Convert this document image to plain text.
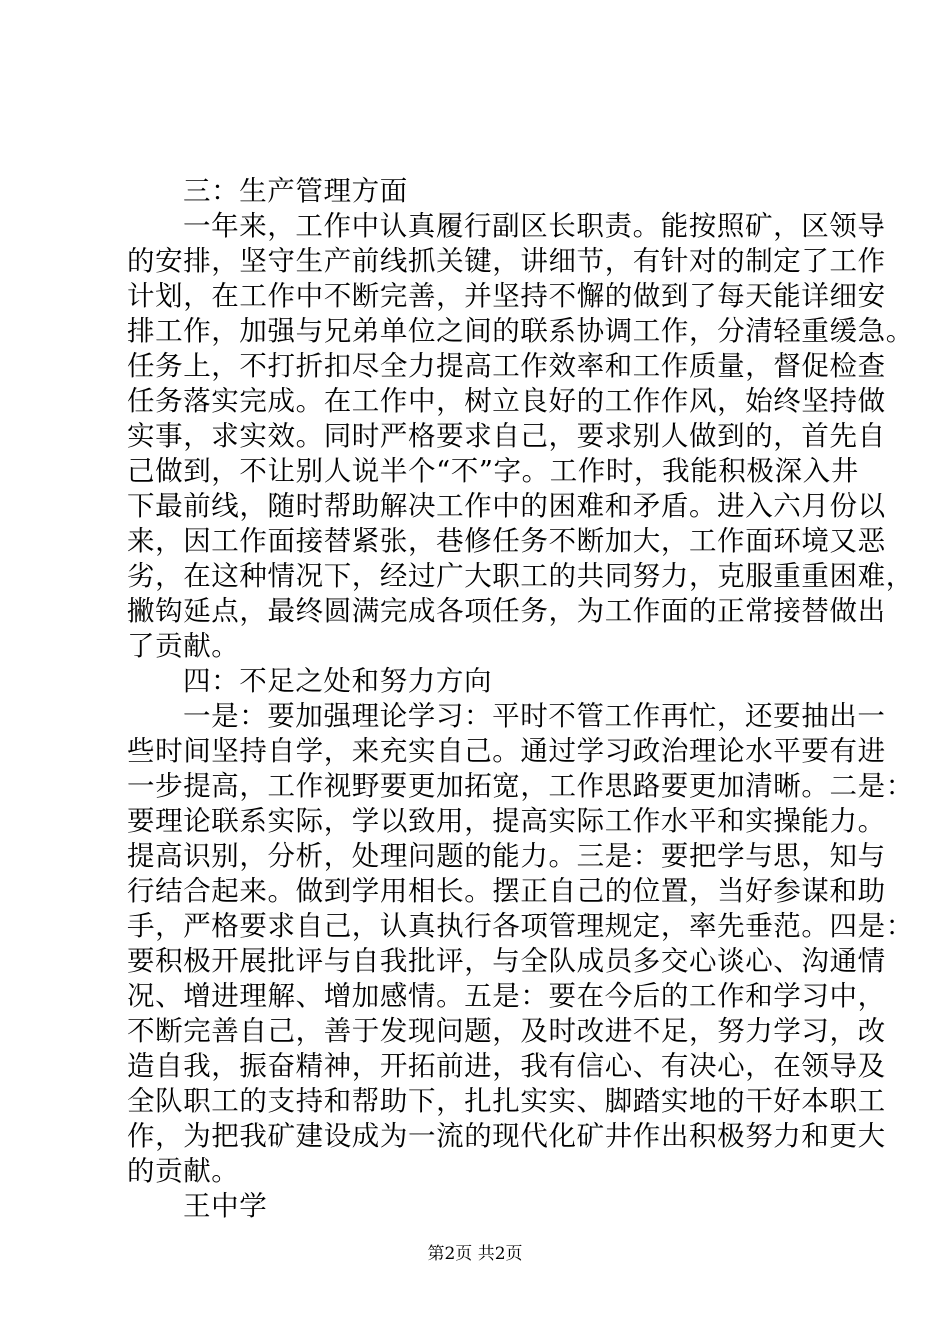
三：生产管理方面
一年来，工作中认真履行副区长职责。能按照矿，区领导
的安排，坚守生产前线抓关键，讲细节，有针对的制定了工作
计划，在工作中不断完善，并坚持不懈的做到了每天能详细安
排工作，加强与兄弟单位之间的联系协调工作，分清轻重缓急。
任务上，不打折扣尽全力提高工作效率和工作质量，督促检查
任务落实完成。在工作中，树立良好的工作作风，始终坚持做
实事，求实效。同时严格要求自己，要求别人做到的，首先自
己做到，不让别人说半个“不”字。工作时，我能积极深入井
下最前线，随时帮助解决工作中的困难和矛盾。进入六月份以
来，因工作面接替紧张，巷修任务不断加大，工作面环境又恶
劣，在这种情况下，经过广大职工的共同努力，克服重重困难，
撇钩延点，最终圆满完成各项任务，为工作面的正常接替做出
了贡献。
四：不足之处和努力方向
一是：要加强理论学习：平时不管工作再忙，还要抽出一
些时间坚持自学，来充实自己。通过学习政治理论水平要有进
一步提高，工作视野要更加拓宽，工作思路要更加清晰。二是：
要理论联系实际，学以致用，提高实际工作水平和实操能力。
提高识别，分析，处理问题的能力。三是：要把学与思，知与
行结合起来。做到学用相长。摆正自己的位置，当好参谋和助
手，严格要求自己，认真执行各项管理规定，率先垂范。四是：
要积极开展批评与自我批评，与全队成员多交心谈心、沟通情
况、增进理解、增加感情。五是：要在今后的工作和学习中，
不断完善自己，善于发现问题，及时改进不足，努力学习，改
造自我，振奋精神，开拓前进，我有信心、有决心，在领导及
全队职工的支持和帮助下，扎扎实实、脚踏实地的干好本职工
作，为把我矿建设成为一流的现代化矿井作出积极努力和更大
的贡献。
王中学
第2页 共2页
